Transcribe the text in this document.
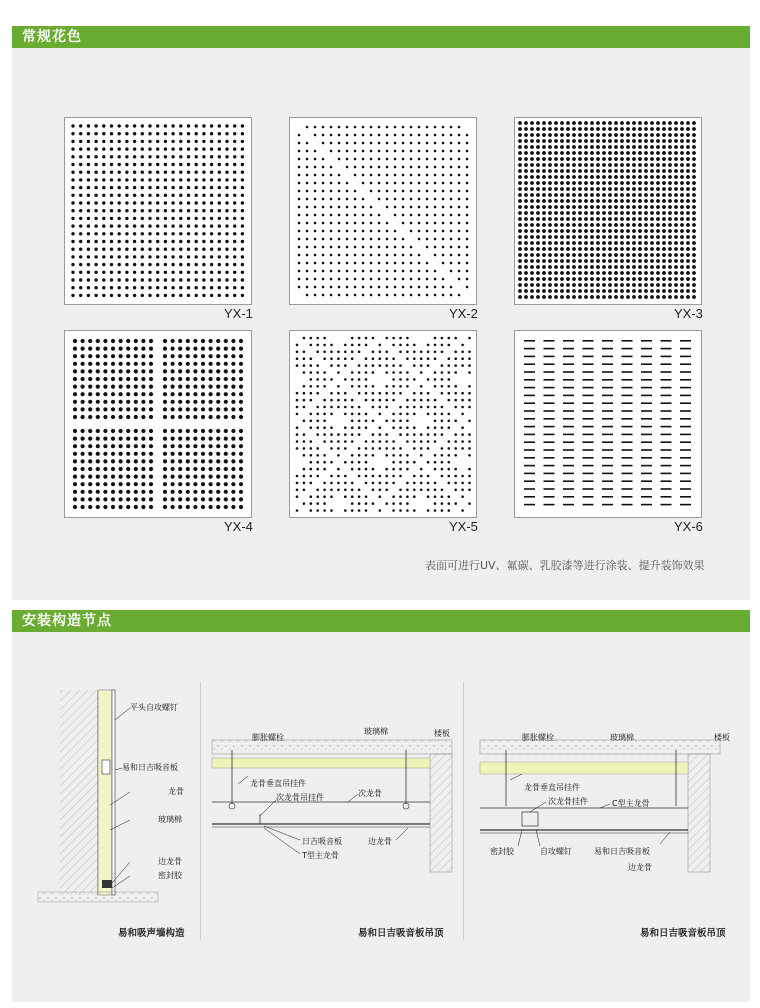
常规花色
YX-1	YX-2	YX-3
YX-4	YX-5	YX-6
表面可进行UV、氟碳、乳胶漆等进行涂装、提升装饰效果
安装构造节点
平头自攻螺钉
易和日吉吸音板
龙骨
玻璃棉
边龙骨
密封胶
易和吸声墙构造
膨胀螺栓
玻璃棉	楼板
龙骨垂直吊挂件
次龙骨吊挂件	次龙骨
日吉吸音板
T型主龙骨
边龙骨
易和日吉吸音板吊顶
膨胀螺栓	玻璃棉	楼板
龙骨垂直吊挂件
次龙骨挂件	C型主龙骨
密封胶	自攻螺钉	易和日吉吸音板
边龙骨
易和日吉吸音板吊顶
